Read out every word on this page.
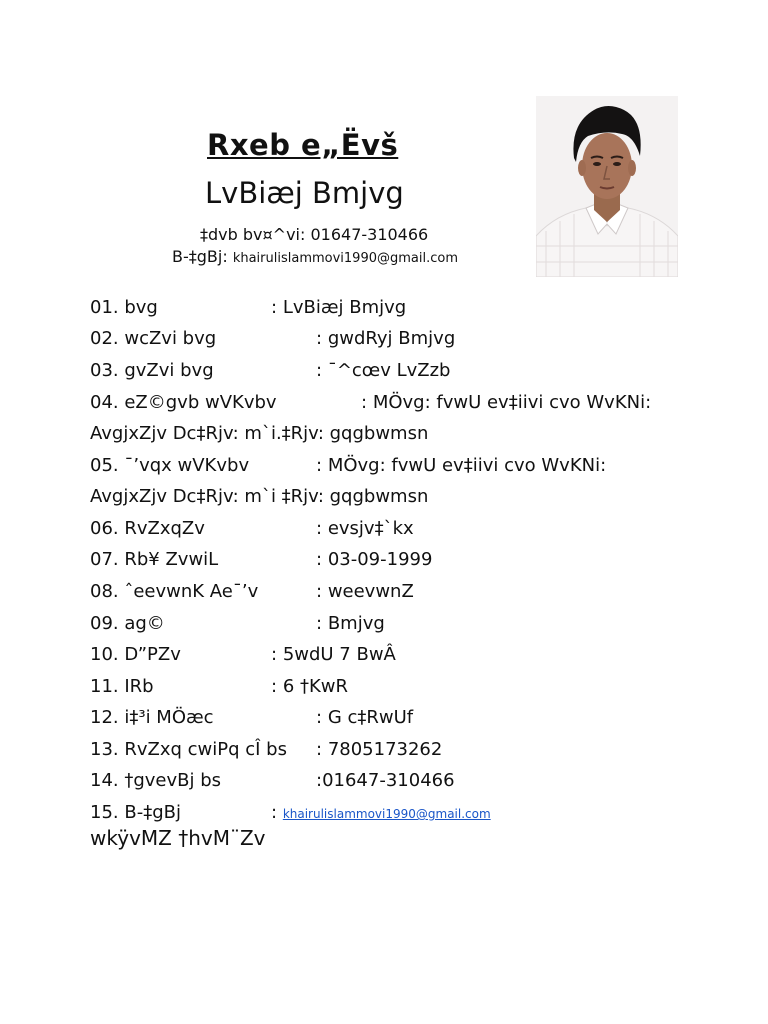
Rxeb e„Ëvš
LvBiæj Bmjvg
‡dvb bv¤^vi: 01647-310466
B-‡gBj: khairulislammovi1990@gmail.com
01. bvg	: LvBiæj Bmjvg
02. wcZvi bvg	: gwdRyj Bmjvg
03. gvZvi bvg	: ¯^cœv LvZzb
04. eZ©gvb wVKvbv	: MÖvg: fvwU ev‡iivi cvo WvKNi:
AvgjxZjv Dc‡Rjv: m`i.‡Rjv: gqgbwmsn
05. ¯’vqx wVKvbv	: MÖvg: fvwU ev‡iivi cvo WvKNi:
AvgjxZjv Dc‡Rjv: m`i ‡Rjv: gqgbwmsn
06. RvZxqZv	: evsjv‡`kx
07. Rb¥ ZvwiL	: 03-09-1999
08. ˆeevwnK Ae¯’v	: weevwnZ
09. ag©	: Bmjvg
10. D”PZv	: 5wdU 7 BwÂ
11. IRb	: 6 †KwR
12. i‡³i MÖæc	: G c‡RwUf
13. RvZxq cwiPq cÎ bs : 7805173262
14. †gvevBj bs	:01647-310466
15. B-‡gBj	: khairulislammovi1990@gmail.com
wkÿvMZ †hvM¨Zv
